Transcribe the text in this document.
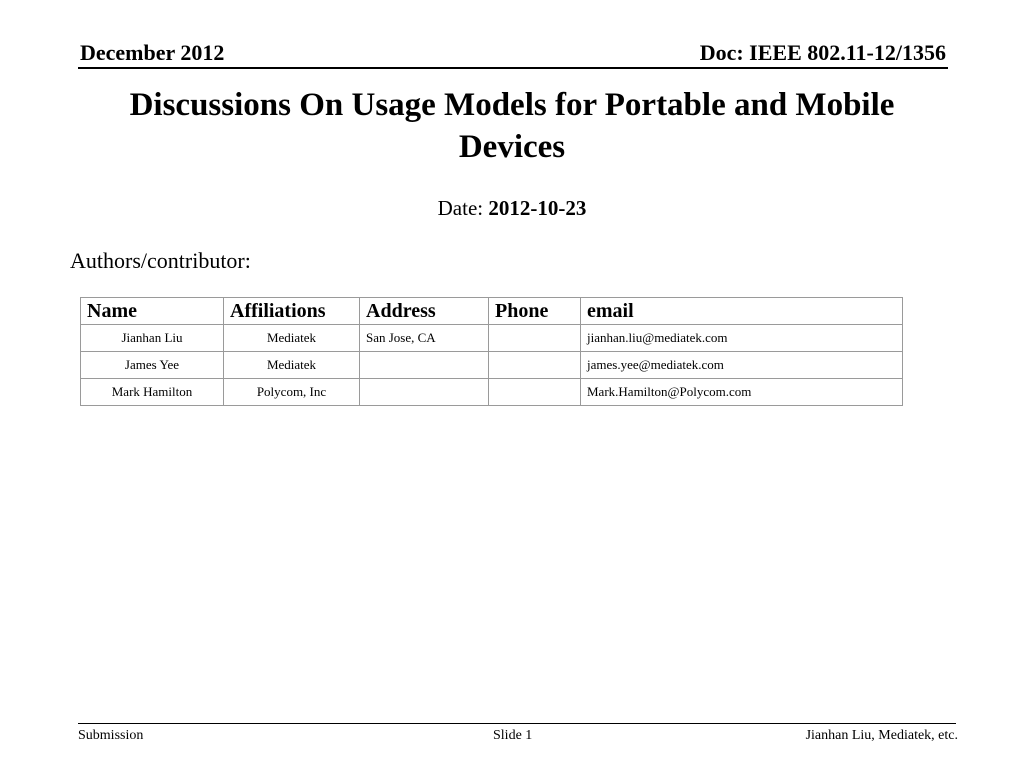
December 2012	Doc: IEEE 802.11-12/1356
Discussions On Usage Models for Portable and Mobile Devices
Date: 2012-10-23
Authors/contributor:
Name	Affiliations	Address	Phone	email
Jianhan Liu	Mediatek	San Jose, CA		jianhan.liu@mediatek.com
James Yee	Mediatek			james.yee@mediatek.com
Mark Hamilton	Polycom, Inc			Mark.Hamilton@Polycom.com
Submission	Slide 1	Jianhan Liu, Mediatek, etc.
